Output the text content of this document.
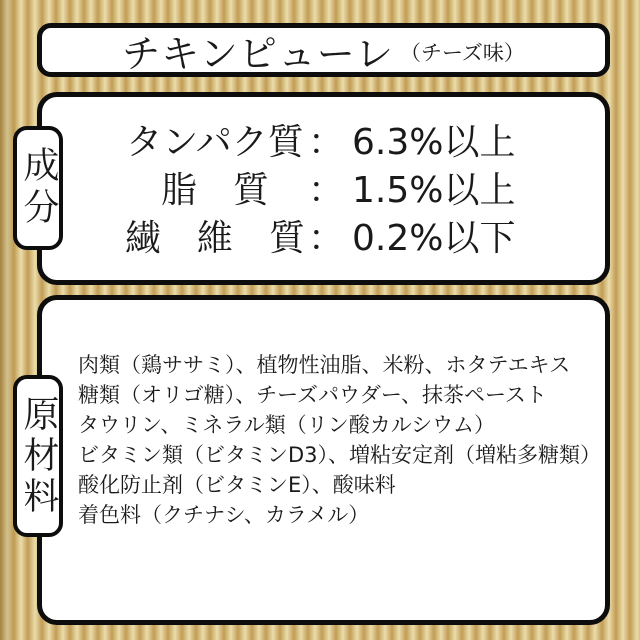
チキンピューレ （チーズ味）
成分
タンパク質 ： 6.3%以上
脂　質	： 1.5%以上
繊　維　質 ： 0.2%以下
原材料
肉類（鶏ササミ）、植物性油脂、米粉、ホタテエキス
糖類（オリゴ糖）、チーズパウダー、抹茶ペースト
タウリン、ミネラル類（リン酸カルシウム）
ビタミン類（ビタミンD3）、増粘安定剤（増粘多糖類）
酸化防止剤（ビタミンE）、酸味料
着色料（クチナシ、カラメル）
